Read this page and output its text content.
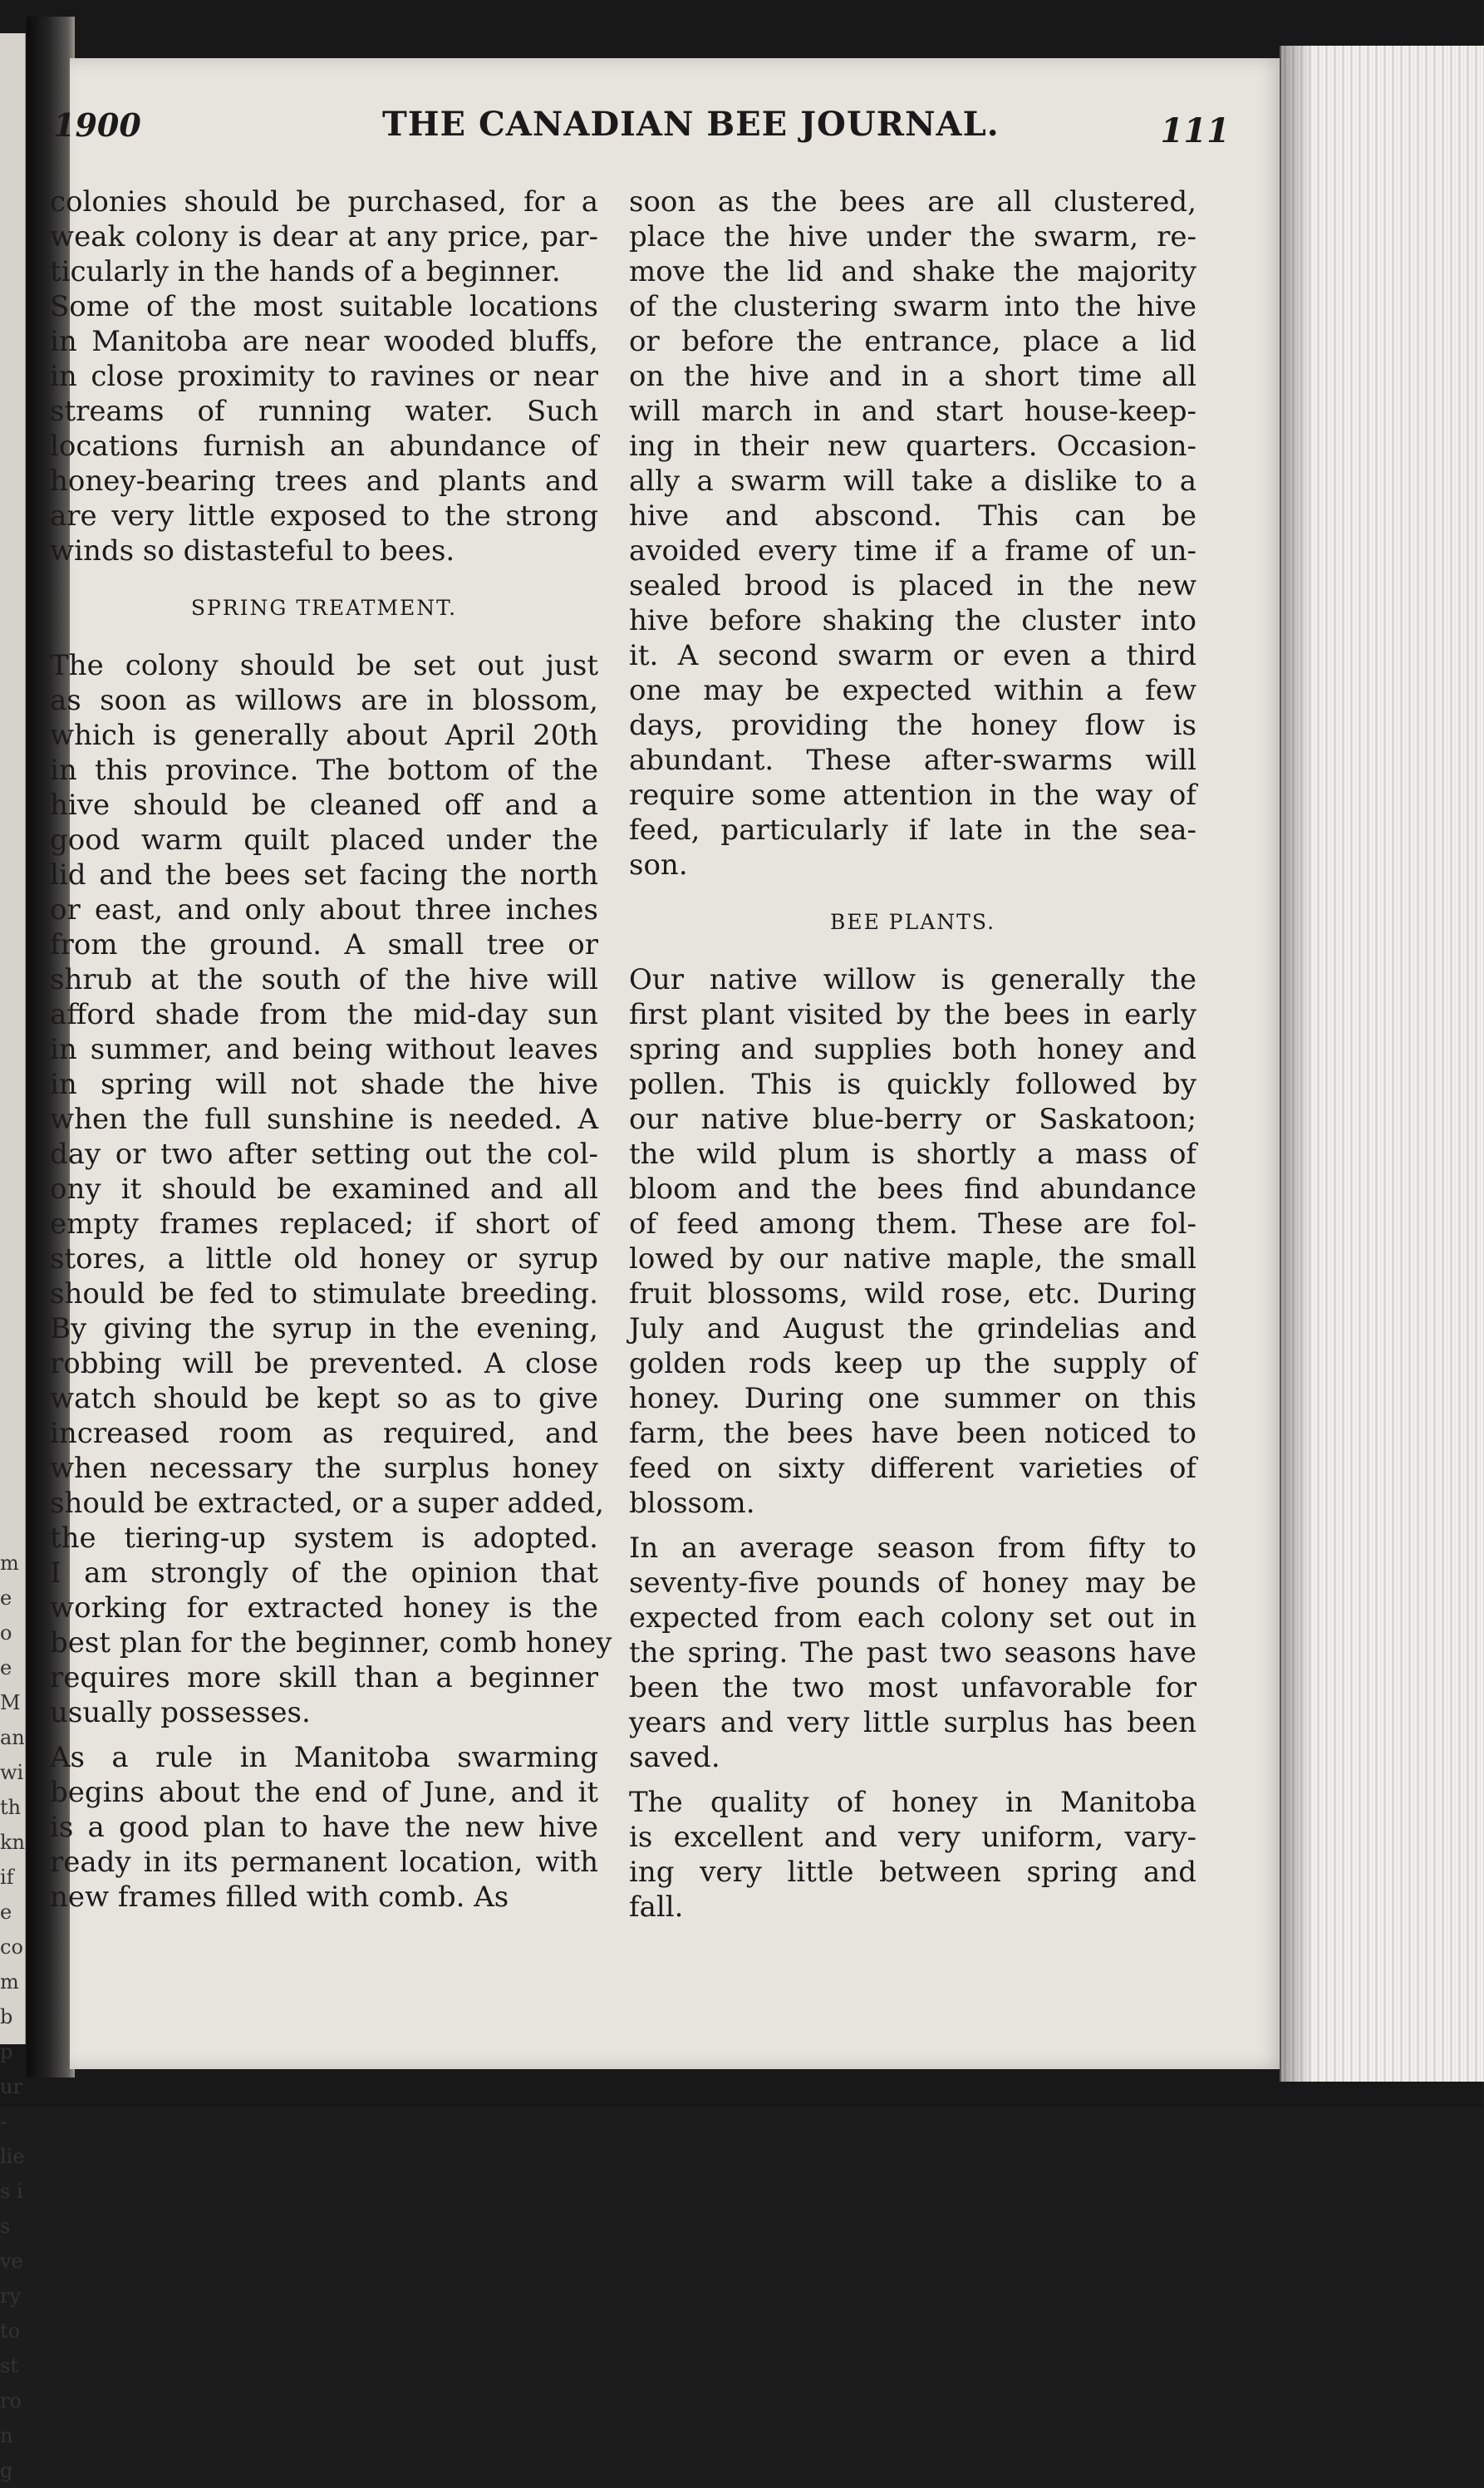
me o
e Man
with
knife
comb
pur-
lies is
very to
strong
1900	THE CANADIAN BEE JOURNAL.	111

colonies should be purchased, for a
weak colony is dear at any price, par-
ticularly in the hands of a beginner.

Some of the most suitable locations
in Manitoba are near wooded bluffs,
in close proximity to ravines or near
streams of running water. Such
locations furnish an abundance of
honey-bearing trees and plants and
are very little exposed to the strong
winds so distasteful to bees.

SPRING TREATMENT.

The colony should be set out just
as soon as willows are in blossom,
which is generally about April 20th
in this province. The bottom of the
hive should be cleaned off and a
good warm quilt placed under the
lid and the bees set facing the north
or east, and only about three inches
from the ground. A small tree or
shrub at the south of the hive will
afford shade from the mid-day sun
in summer, and being without leaves
in spring will not shade the hive
when the full sunshine is needed. A
day or two after setting out the col-
ony it should be examined and all
empty frames replaced; if short of
stores, a little old honey or syrup
should be fed to stimulate breeding.
By giving the syrup in the evening,
robbing will be prevented. A close
watch should be kept so as to give
increased room as required, and
when necessary the surplus honey
should be extracted, or a super added,
the tiering-up system is adopted.
I am strongly of the opinion that
working for extracted honey is the
best plan for the beginner, comb honey
requires more skill than a beginner
usually possesses.

As a rule in Manitoba swarming
begins about the end of June, and it
is a good plan to have the new hive
ready in its permanent location, with
new frames filled with comb. As

soon as the bees are all clustered,
place the hive under the swarm, re-
move the lid and shake the majority
of the clustering swarm into the hive
or before the entrance, place a lid
on the hive and in a short time all
will march in and start house-keep-
ing in their new quarters. Occasion-
ally a swarm will take a dislike to a
hive and abscond. This can be
avoided every time if a frame of un-
sealed brood is placed in the new
hive before shaking the cluster into
it. A second swarm or even a third
one may be expected within a few
days, providing the honey flow is
abundant. These after-swarms will
require some attention in the way of
feed, particularly if late in the sea-
son.

BEE PLANTS.

Our native willow is generally the
first plant visited by the bees in early
spring and supplies both honey and
pollen. This is quickly followed by
our native blue-berry or Saskatoon;
the wild plum is shortly a mass of
bloom and the bees find abundance
of feed among them. These are fol-
lowed by our native maple, the small
fruit blossoms, wild rose, etc. During
July and August the grindelias and
golden rods keep up the supply of
honey. During one summer on this
farm, the bees have been noticed to
feed on sixty different varieties of
blossom.

In an average season from fifty to
seventy-five pounds of honey may be
expected from each colony set out in
the spring. The past two seasons have
been the two most unfavorable for
years and very little surplus has been
saved.

The quality of honey in Manitoba
is excellent and very uniform, vary-
ing very little between spring and
fall.
